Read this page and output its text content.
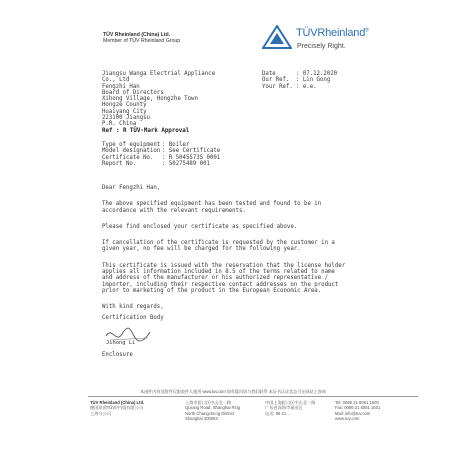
TÜV Rheinland (China) Ltd.
Member of TÜV Rheinland Group
TÜVRheinland®
Precisely Right.
Jiangsu Wanga Electrial Appliance
Co., Ltd
Fengzhi Han
Board of Directors
Xihong Village, Hongzhe Town
Hongze County
Huaiyang City
223100 Jiangsu
P.R. China
Date	: 07.12.2020
Our Ref. : Lin Gong
Your Ref. : e.e.
Ref : R TÜV-Mark Approval
Type of equipment : Boiler
Model designation : See Certificate
Certificate No. : R 50455735 0001
Report No.	: 50275489 001

Dear Fengzhi Han,

The above specified equipment has been tested and found to be in

accordance with the relevant requirements.

Please find enclosed your certificate as specified above.

If cancellation of the certificate is requested by the customer in a

given year, no fee will be charged for the following year.

This certificate is issued with the reservation that the license holder

applies all information included in 8.5 of the terms related to name

and address of the manufacturer or his authorized representative /

importer, including their respective contact addresses on the product

prior to marketing of the product in the European Economic Area.

With kind regards,

Certification Body

Jihong Li
Enclosure
本函件内容及附件仅限收件人使用 www.tuv.com 如有疑问请与我们联系 本证书认证状态可在网站上查询
TÜV Rheinland (China) Ltd.
德国莱茵TÜV(中国)有限公司
上海分公司
上海市虹口区中山北一路
Qixiang Road, Shanghai Ring
North Changcheng District
Shanghai 200083
中国上海虹口区中山北一路
广东省深圳市福田区
电话: 86 21 ...
Tel: 0086 21 6081 1600
Fax: 0086 21 6081 1601
Mail: info@tuv.com
www.tuv.com
